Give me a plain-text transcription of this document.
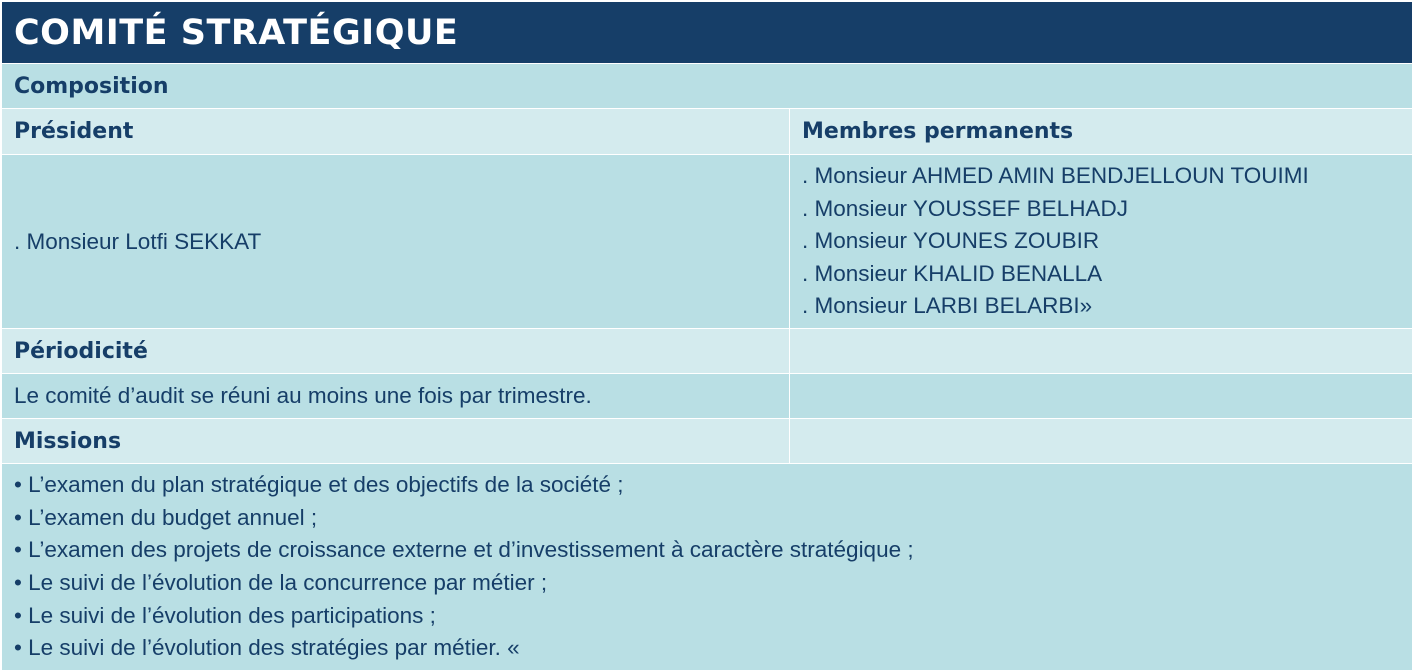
COMITÉ STRATÉGIQUE
Composition
Président	Membres permanents
. Monsieur Lotfi SEKKAT
. Monsieur AHMED AMIN BENDJELLOUN TOUIMI
. Monsieur YOUSSEF BELHADJ
. Monsieur YOUNES ZOUBIR
. Monsieur KHALID BENALLA
. Monsieur LARBI BELARBI»
Périodicité
Le comité d’audit se réuni au moins une fois par trimestre.
Missions
• L’examen du plan stratégique et des objectifs de la société ;
• L’examen du budget annuel ;
• L’examen des projets de croissance externe et d’investissement à caractère stratégique ;
• Le suivi de l’évolution de la concurrence par métier ;
• Le suivi de l’évolution des participations ;
• Le suivi de l’évolution des stratégies par métier. «
